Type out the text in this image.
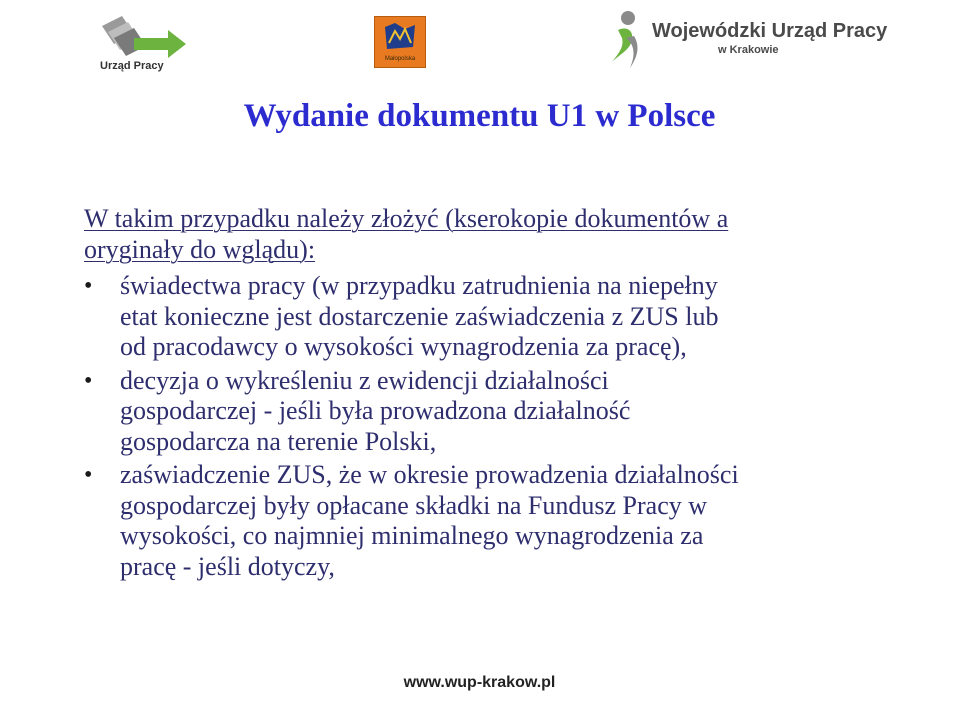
Urząd Pracy
Małopolska
Wojewódzki Urząd Pracy
w Krakowie
Wydanie dokumentu U1 w Polsce

W takim przypadku należy złożyć (kserokopie dokumentów a
oryginały do wglądu):

• świadectwa pracy (w przypadku zatrudnienia na niepełny
etat konieczne jest dostarczenie zaświadczenia z ZUS lub
od pracodawcy o wysokości wynagrodzenia za pracę),
• decyzja o wykreśleniu z ewidencji działalności
gospodarczej - jeśli była prowadzona działalność
gospodarcza na terenie Polski,
• zaświadczenie ZUS, że w okresie prowadzenia działalności
gospodarczej były opłacane składki na Fundusz Pracy w
wysokości, co najmniej minimalnego wynagrodzenia za
pracę - jeśli dotyczy,
www.wup-krakow.pl
